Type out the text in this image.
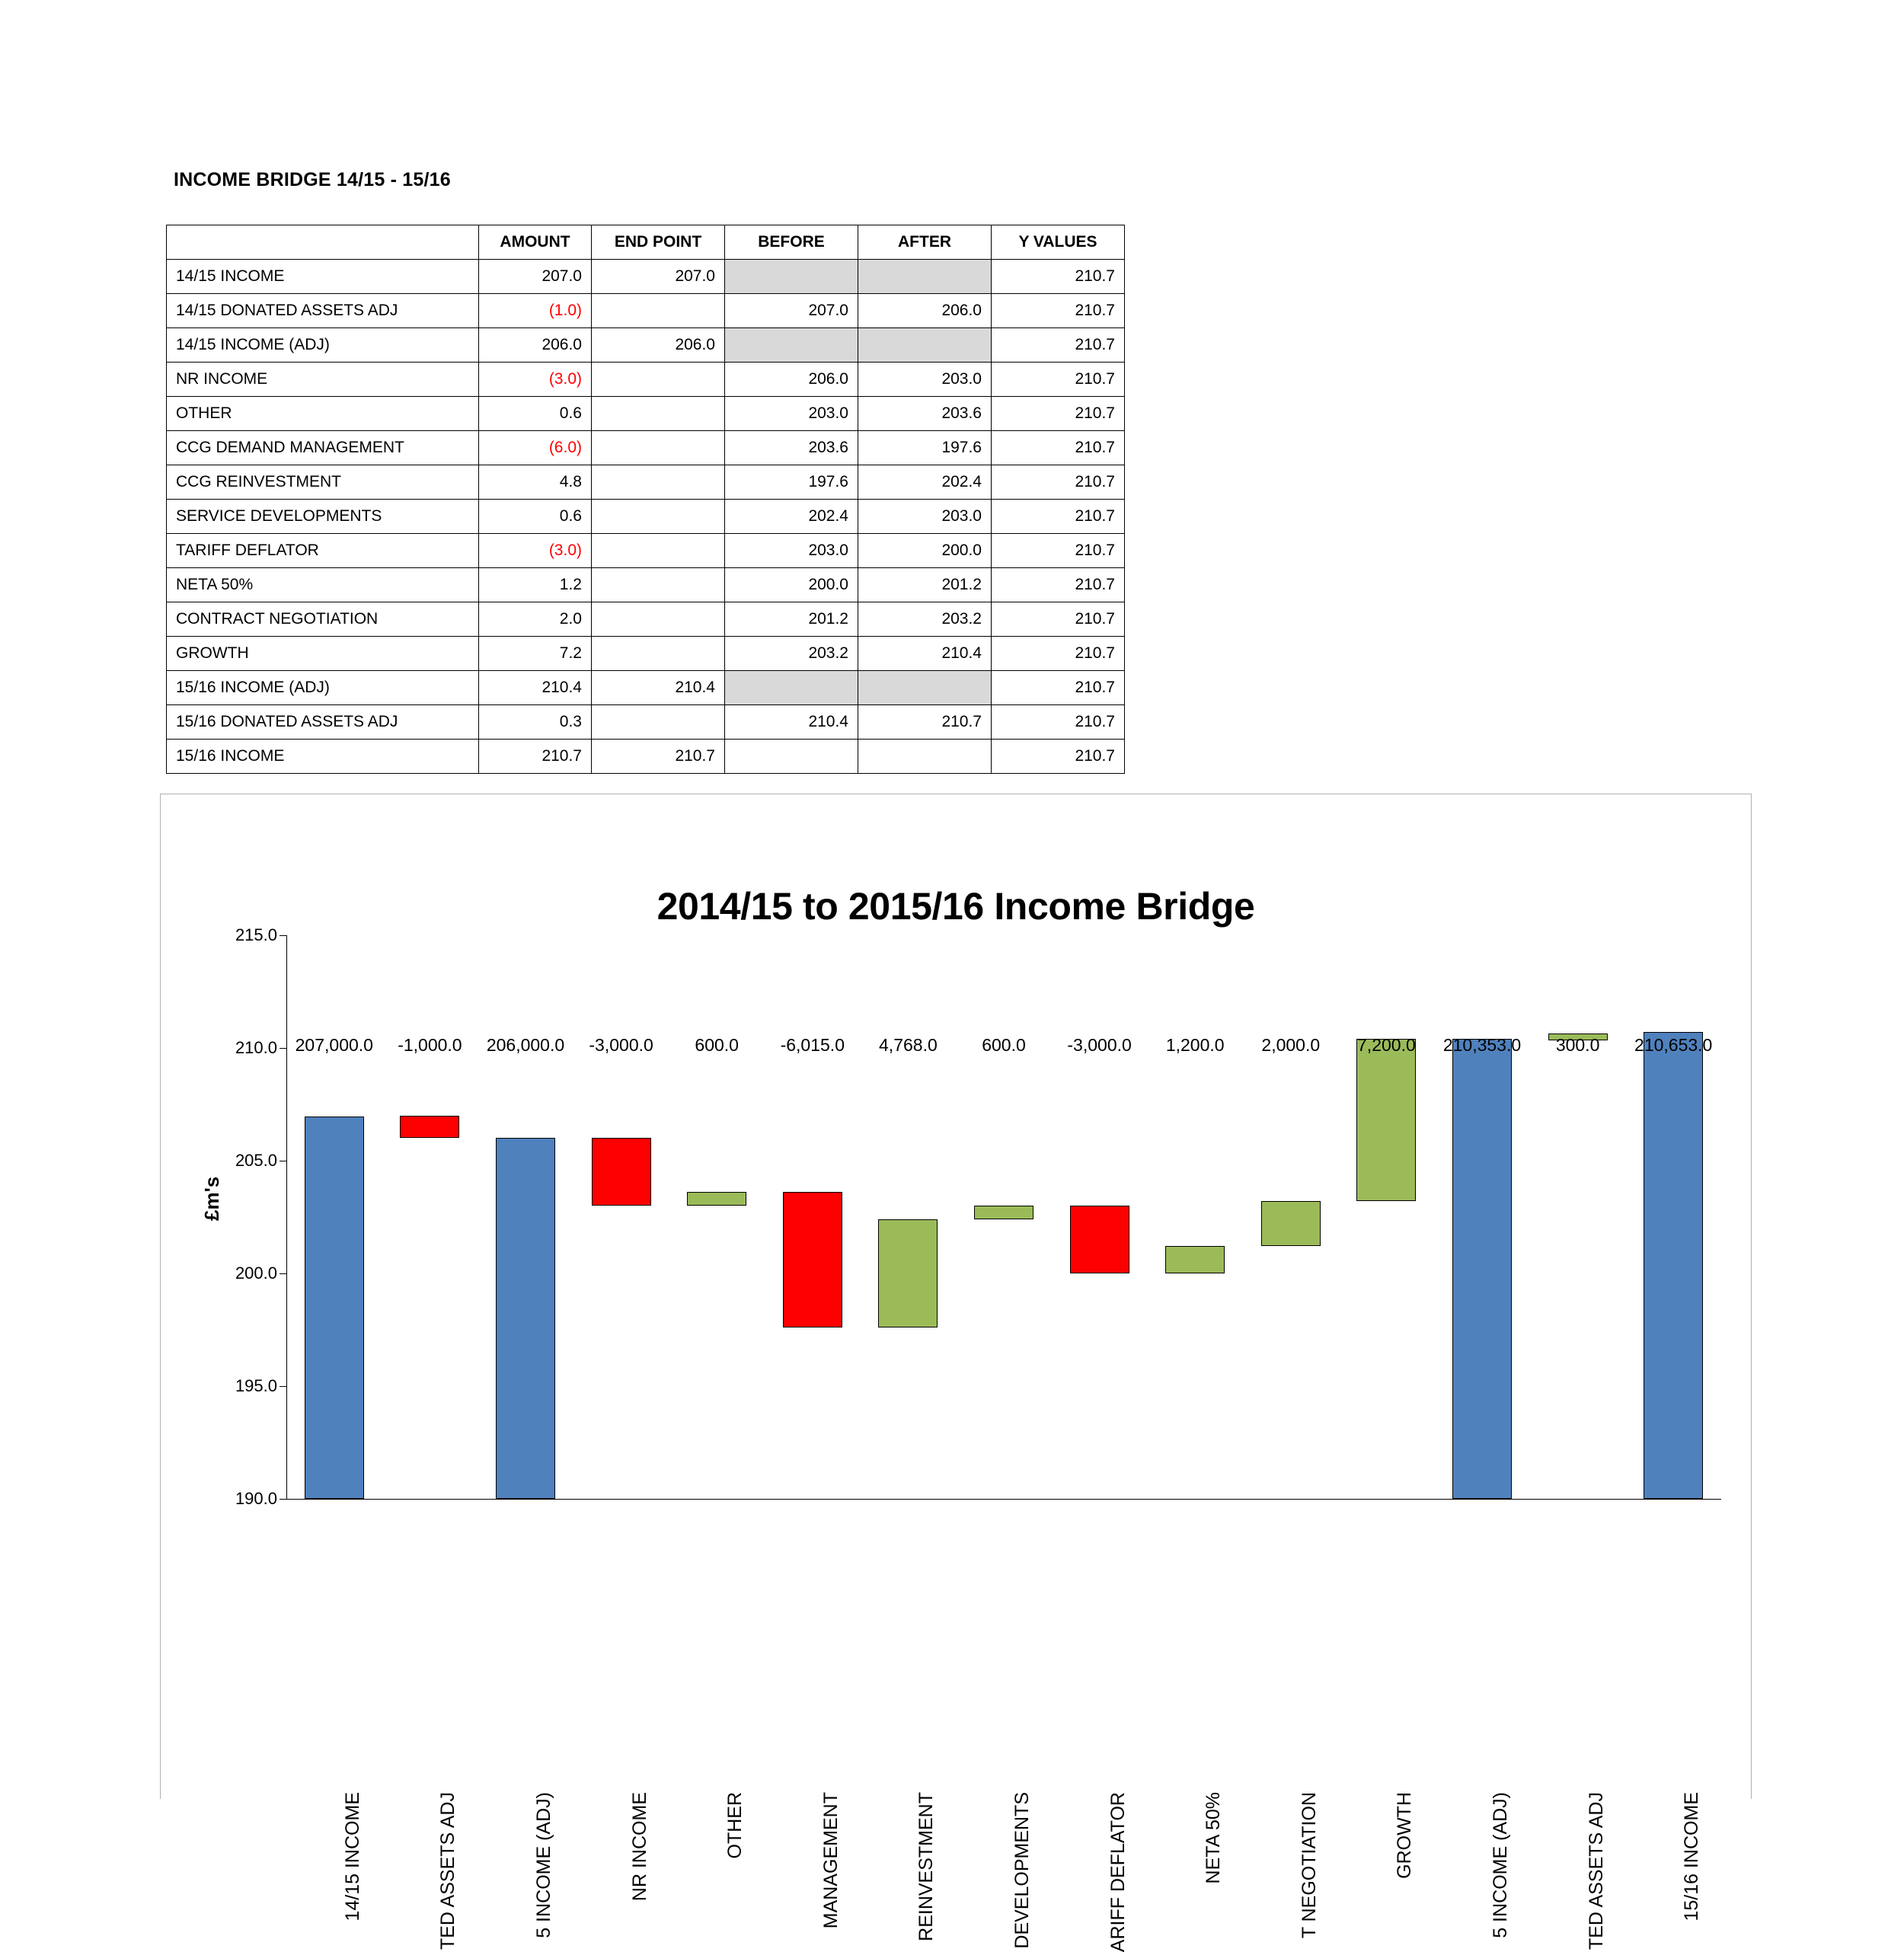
INCOME BRIDGE 14/15 - 15/16
	AMOUNT	END POINT	BEFORE	AFTER	Y VALUES
14/15 INCOME	207.0	207.0			210.7
14/15 DONATED ASSETS ADJ	(1.0)		207.0	206.0	210.7
14/15 INCOME (ADJ)	206.0	206.0			210.7
NR INCOME	(3.0)		206.0	203.0	210.7
OTHER	0.6		203.0	203.6	210.7
CCG DEMAND MANAGEMENT	(6.0)		203.6	197.6	210.7
CCG REINVESTMENT	4.8		197.6	202.4	210.7
SERVICE DEVELOPMENTS	0.6		202.4	203.0	210.7
TARIFF DEFLATOR	(3.0)		203.0	200.0	210.7
NETA 50%	1.2		200.0	201.2	210.7
CONTRACT NEGOTIATION	2.0		201.2	203.2	210.7
GROWTH	7.2		203.2	210.4	210.7
15/16 INCOME (ADJ)	210.4	210.4			210.7
15/16 DONATED ASSETS ADJ	0.3		210.4	210.7	210.7
15/16 INCOME	210.7	210.7			210.7
2014/15 to 2015/16 Income Bridge
£m's
190.0
195.0
200.0
205.0
210.0
215.0
207,000.0 -1,000.0 206,000.0 -3,000.0 600.0 -6,015.0 4,768.0	600.0 -3,000.0 1,200.0 2,000.0 7,200.0 210,353.0 300.0 210,653.0
14/15 INCOME	TED ASSETS ADJ	5 INCOME (ADJ)	NR INCOME	OTHER	MANAGEMENT	REINVESTMENT	DEVELOPMENTS	ARIFF DEFLATOR	NETA 50%	T NEGOTIATION	GROWTH	5 INCOME (ADJ)	TED ASSETS ADJ	15/16 INCOME
